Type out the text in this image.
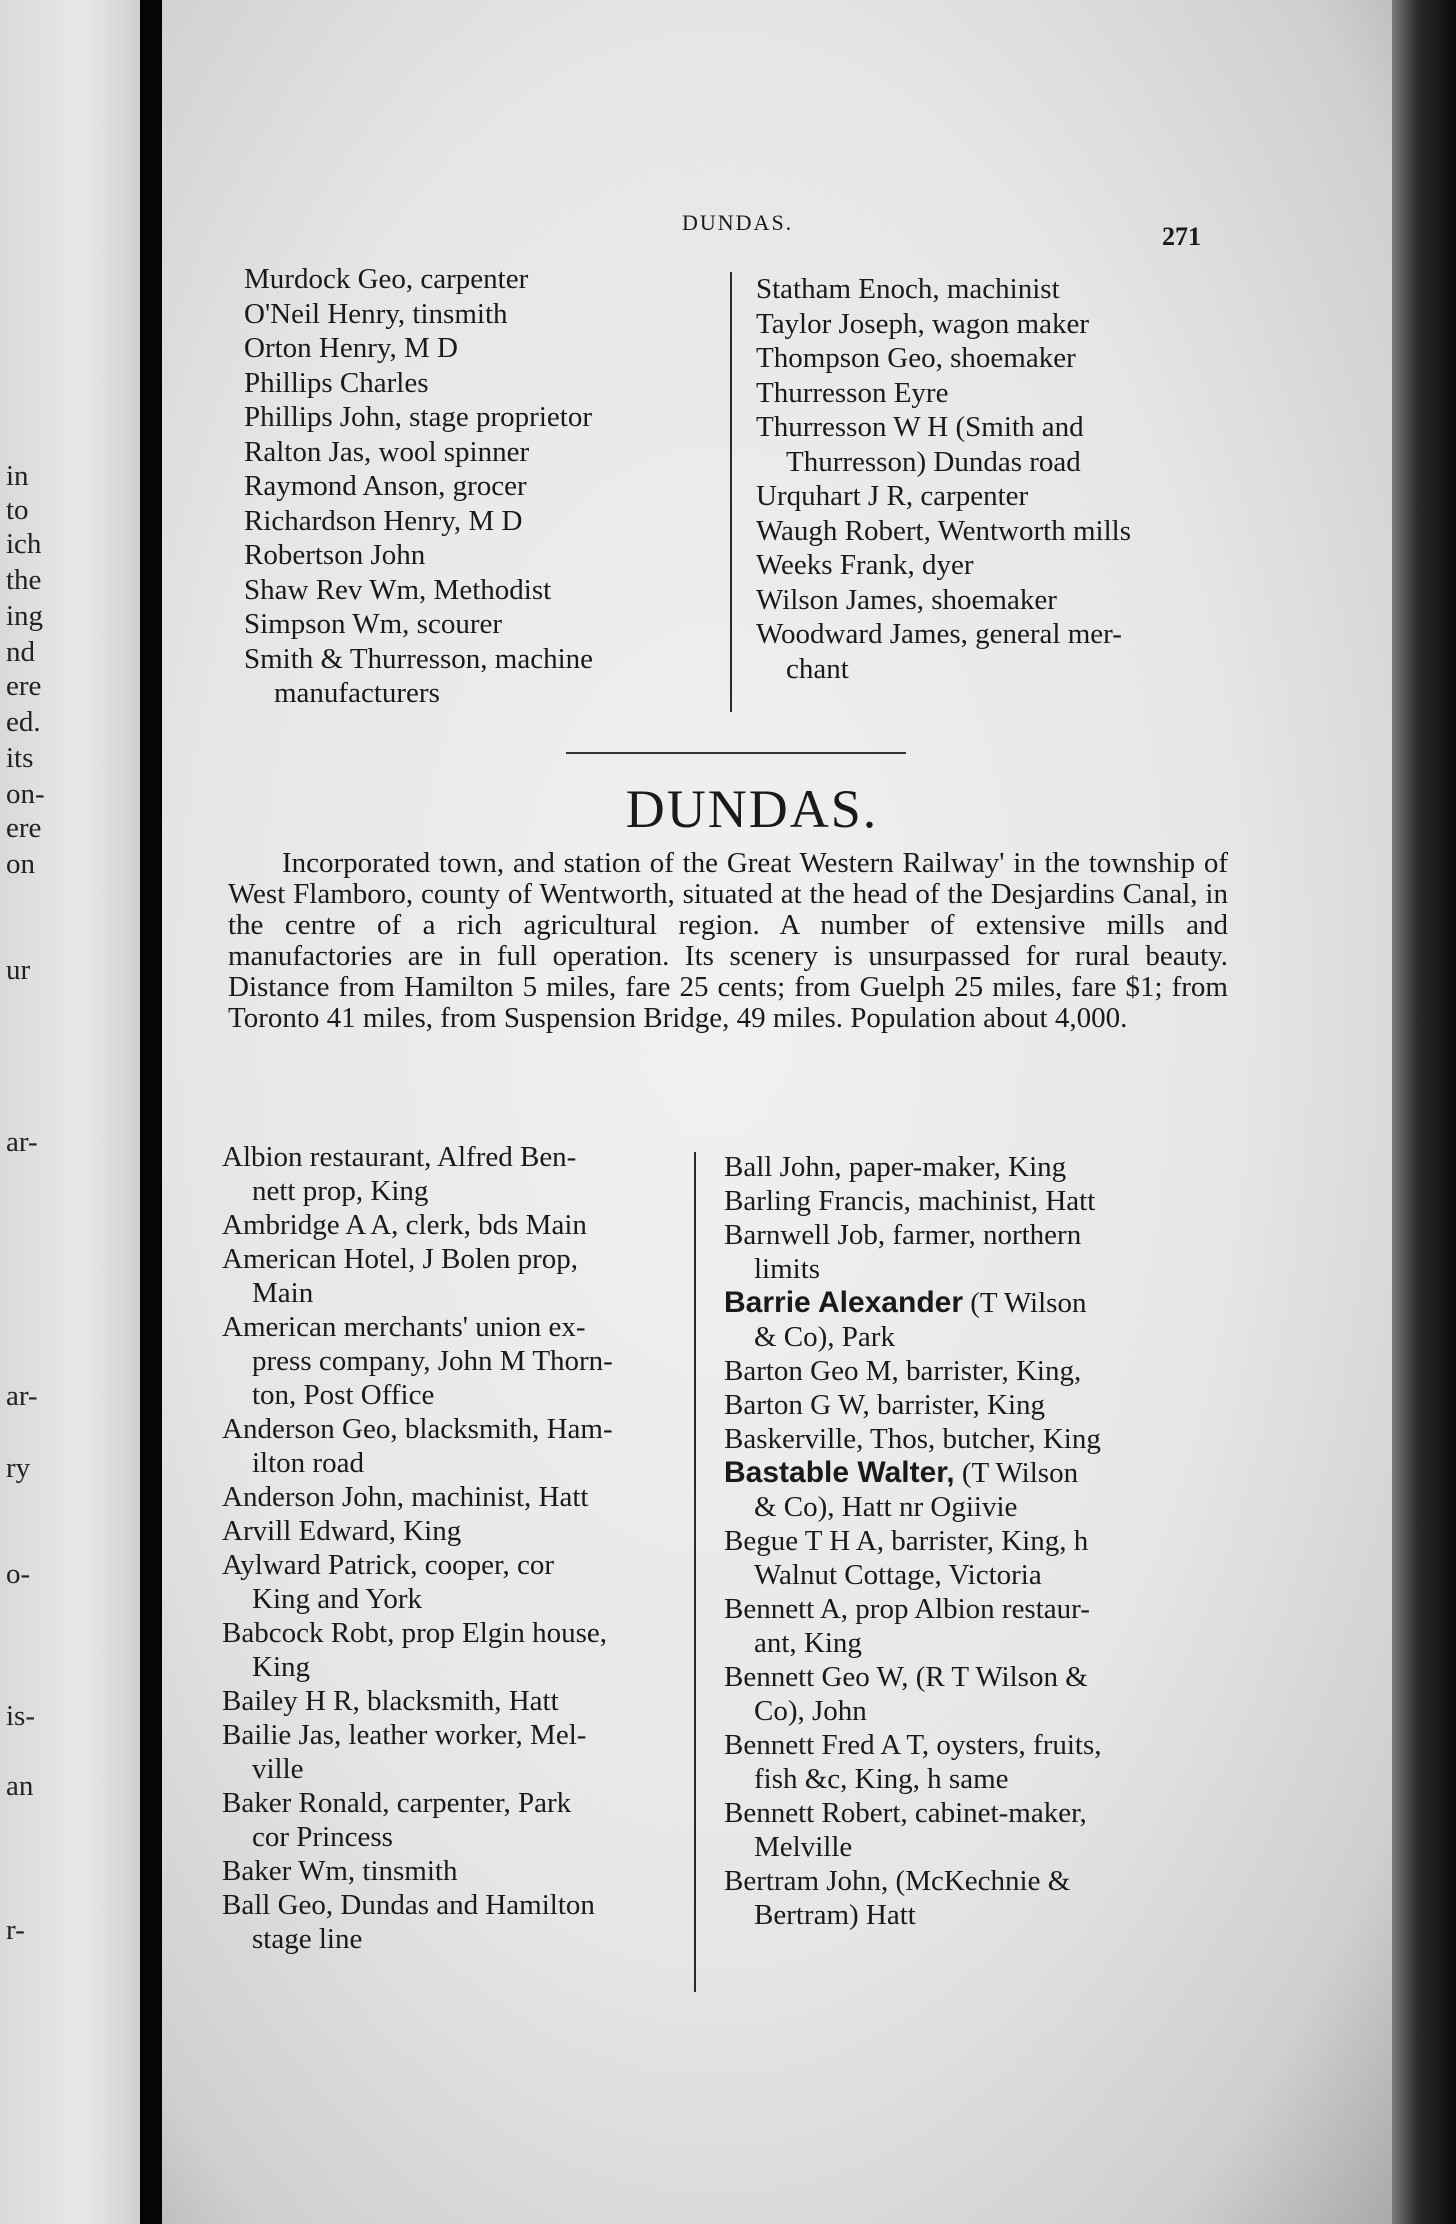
in
to
ich
the
ing
nd
ere
ed.
its
on-
ere
on
ur
ar-
ar-
ry
o-
is-
an
r-
DUNDAS.	271

Murdock Geo, carpenter

O'Neil Henry, tinsmith

Orton Henry, M D

Phillips Charles

Phillips John, stage proprietor

Ralton Jas, wool spinner

Raymond Anson, grocer

Richardson Henry, M D

Robertson John

Shaw Rev Wm, Methodist

Simpson Wm, scourer

Smith & Thurresson, machine
manufacturers

Statham Enoch, machinist

Taylor Joseph, wagon maker

Thompson Geo, shoemaker

Thurresson Eyre

Thurresson W H (Smith and
Thurresson) Dundas road

Urquhart J R, carpenter

Waugh Robert, Wentworth mills

Weeks Frank, dyer

Wilson James, shoemaker

Woodward James, general mer-
chant

DUNDAS.

Incorporated town, and station of the Great Western Railway' in the township of West Flamboro, county of Wentworth, situated at the head of the Desjardins Canal, in the centre of a rich agricultural region. A number of extensive mills and manufactories are in full operation. Its scenery is unsurpassed for rural beauty. Distance from Hamilton 5 miles, fare 25 cents; from Guelph 25 miles, fare $1; from Toronto 41 miles, from Suspension Bridge, 49 miles. Population about 4,000.

Albion restaurant, Alfred Ben-
nett prop, King

Ambridge A A, clerk, bds Main

American Hotel, J Bolen prop,
Main

American merchants' union ex-
press company, John M Thorn-
ton, Post Office

Anderson Geo, blacksmith, Ham-
ilton road

Anderson John, machinist, Hatt

Arvill Edward, King

Aylward Patrick, cooper, cor
King and York

Babcock Robt, prop Elgin house,
King

Bailey H R, blacksmith, Hatt

Bailie Jas, leather worker, Mel-
ville

Baker Ronald, carpenter, Park
cor Princess

Baker Wm, tinsmith

Ball Geo, Dundas and Hamilton
stage line

Ball John, paper-maker, King

Barling Francis, machinist, Hatt

Barnwell Job, farmer, northern
limits

Barrie Alexander (T Wilson
& Co), Park

Barton Geo M, barrister, King,

Barton G W, barrister, King

Baskerville, Thos, butcher, King

Bastable Walter, (T Wilson
& Co), Hatt nr Ogiivie

Begue T H A, barrister, King, h
Walnut Cottage, Victoria

Bennett A, prop Albion restaur-
ant, King

Bennett Geo W, (R T Wilson &
Co), John

Bennett Fred A T, oysters, fruits,
fish &c, King, h same

Bennett Robert, cabinet-maker,
Melville

Bertram John, (McKechnie &
Bertram) Hatt
